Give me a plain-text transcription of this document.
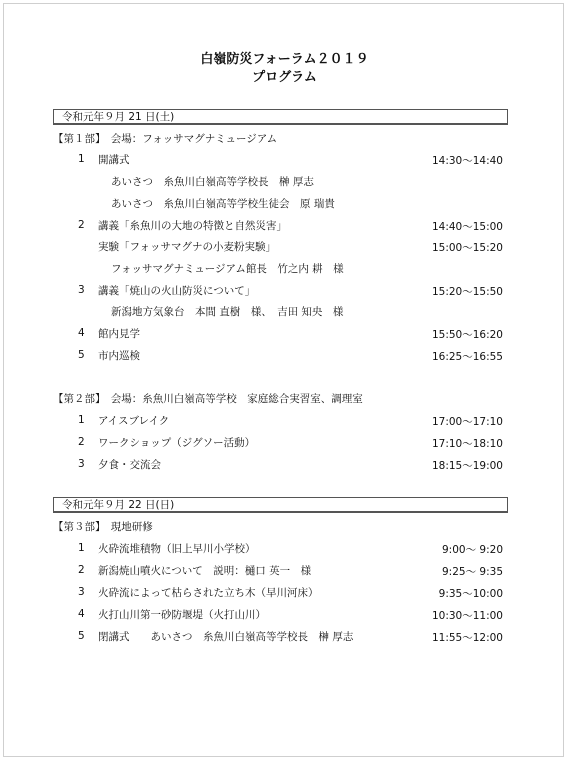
白嶺防災フォーラム２０１９
プログラム
令和元年９月 21 日(土)
【第１部】　会場：フォッサマグナミュージアム
1 開講式	14:30～14:40
あいさつ　糸魚川白嶺高等学校長　榊 厚志
あいさつ　糸魚川白嶺高等学校生徒会　原 瑞貴
2 講義「糸魚川の大地の特徴と自然災害」	14:40～15:00
実験「フォッサマグナの小麦粉実験」	15:00～15:20
フォッサマグナミュージアム館長　竹之内 耕　様
3 講義「焼山の火山防災について」	15:20～15:50
新潟地方気象台　本間 直樹　様、　吉田 知央　様
4 館内見学	15:50～16:20
5 市内巡検	16:25～16:55
【第２部】　会場：糸魚川白嶺高等学校　家庭総合実習室、調理室
1 アイスブレイク	17:00～17:10
2 ワークショップ（ジグソー活動）	17:10～18:10
3 夕食・交流会	18:15～19:00
令和元年９月 22 日(日)
【第３部】　現地研修
1 火砕流堆積物（旧上早川小学校）	9:00～ 9:20
2 新潟焼山噴火について　説明：樋口 英一　様	9:25～ 9:35
3 火砕流によって枯らされた立ち木（早川河床）	9:35～10:00
4 火打山川第一砂防堰堤（火打山川）	10:30～11:00
5 閉講式　　あいさつ　糸魚川白嶺高等学校長　榊 厚志	11:55～12:00
